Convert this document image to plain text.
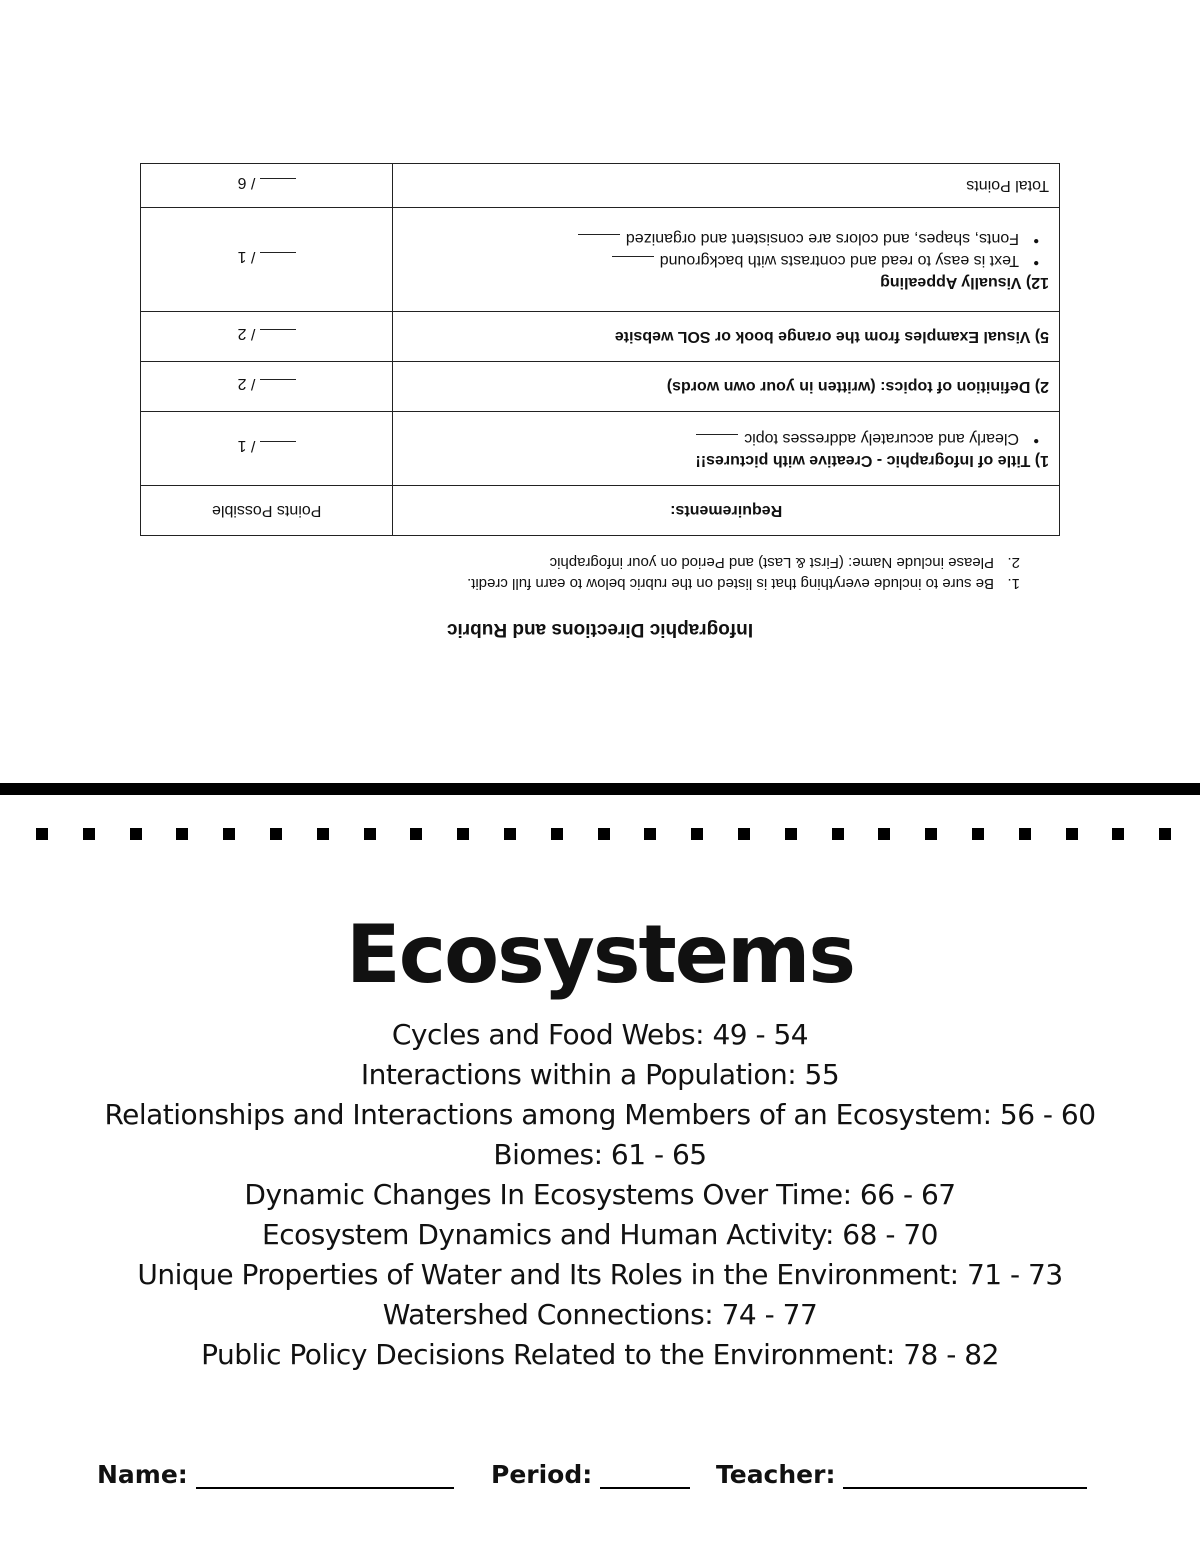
Infographic Directions and Rubric
1.Be sure to include everything that is listed on the rubric below to earn full credit.
2.Please include Name: (First & Last) and Period on your infographic
Requirements:	Points Possible

1) Title of Infographic - Creative with pictures!!
• Clearly and accurately addresses topic	/ 1
2) Definition of topics: (written in your own words)	/ 2
5) Visual Examples from the orange book or SOL website	/ 2

12) Visually Appealing
• Text is easy to read and contrasts with background
• Fonts, shapes, and colors are consistent and organized	/ 1
Total Points	/ 6
Ecosystems
Cycles and Food Webs: 49 - 54
Interactions within a Population: 55
Relationships and Interactions among Members of an Ecosystem: 56 - 60
Biomes: 61 - 65
Dynamic Changes In Ecosystems Over Time: 66 - 67
Ecosystem Dynamics and Human Activity: 68 - 70
Unique Properties of Water and Its Roles in the Environment: 71 - 73
Watershed Connections: 74 - 77
Public Policy Decisions Related to the Environment: 78 - 82
Name:	Period:	Teacher:
